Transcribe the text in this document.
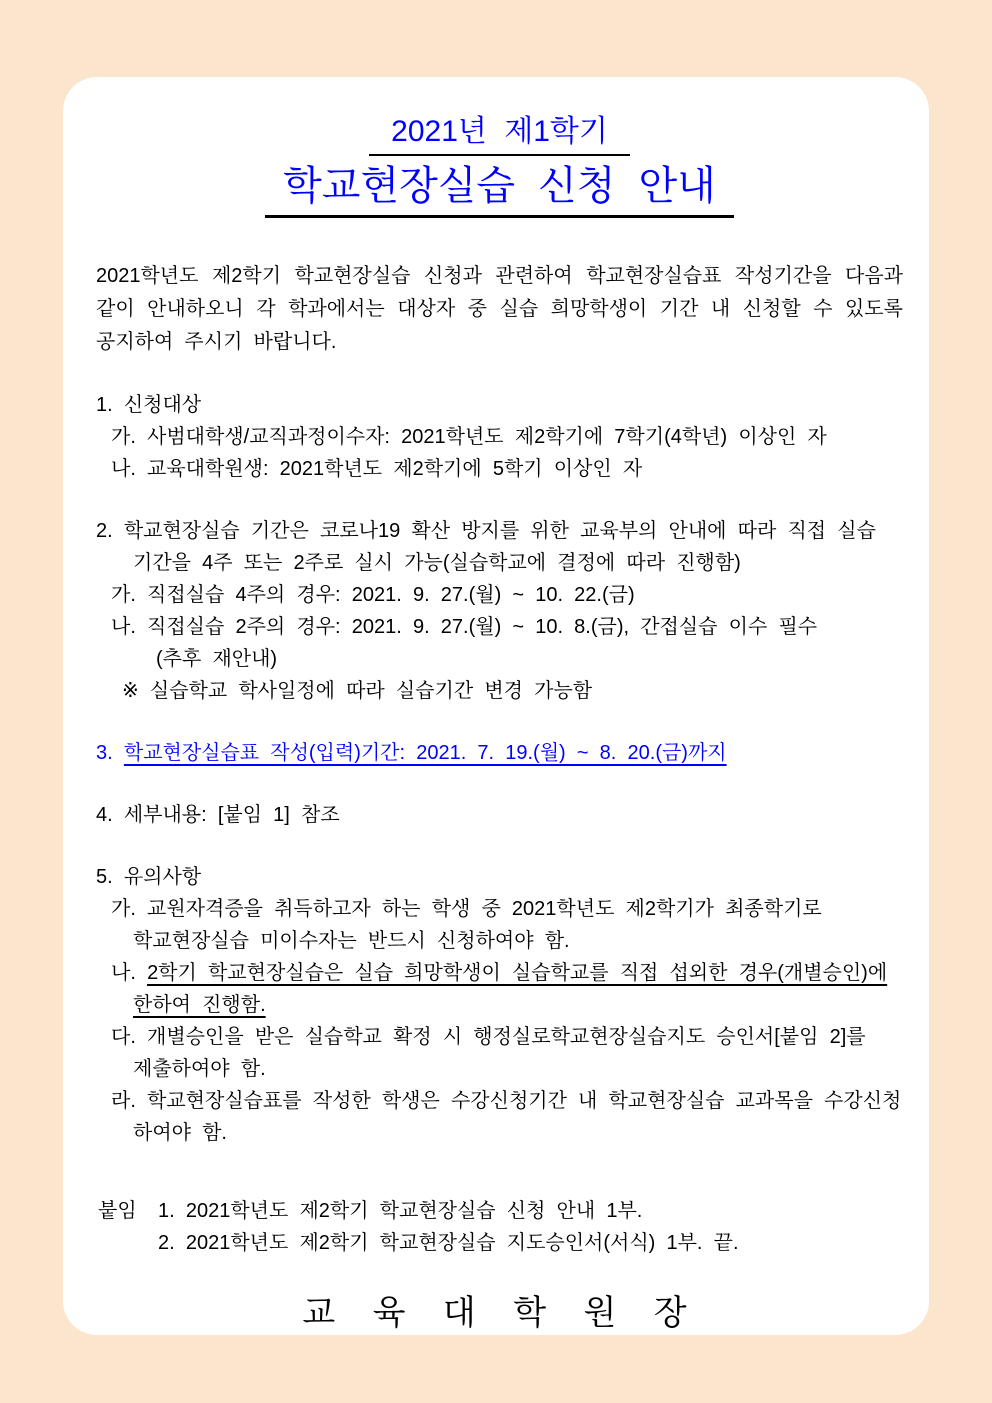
2021년 제1학기

학교현장실습 신청 안내

2021학년도 제2학기 학교현장실습 신청과 관련하여 학교현장실습표 작성기간을 다음과 같이 안내하오니 각 학과에서는 대상자 중 실습 희망학생이 기간 내 신청할 수 있도록 공지하여 주시기 바랍니다.

1. 신청대상
가. 사범대학생/교직과정이수자: 2021학년도 제2학기에 7학기(4학년) 이상인 자
나. 교육대학원생: 2021학년도 제2학기에 5학기 이상인 자
2. 학교현장실습 기간은 코로나19 확산 방지를 위한 교육부의 안내에 따라 직접 실습
기간을 4주 또는 2주로 실시 가능(실습학교에 결정에 따라 진행함)
가. 직접실습 4주의 경우: 2021. 9. 27.(월) ~ 10. 22.(금)
나. 직접실습 2주의 경우: 2021. 9. 27.(월) ~ 10. 8.(금), 간접실습 이수 필수
(추후 재안내)
※ 실습학교 학사일정에 따라 실습기간 변경 가능함
3. 학교현장실습표 작성(입력)기간: 2021. 7. 19.(월) ~ 8. 20.(금)까지
4. 세부내용: [붙임 1] 참조
5. 유의사항
가. 교원자격증을 취득하고자 하는 학생 중 2021학년도 제2학기가 최종학기로
학교현장실습 미이수자는 반드시 신청하여야 함.
나. 2학기 학교현장실습은 실습 희망학생이 실습학교를 직접 섭외한 경우(개별승인)에
한하여 진행함.
다. 개별승인을 받은 실습학교 확정 시 행정실로학교현장실습지도 승인서[붙임 2]를
제출하여야 함.
라. 학교현장실습표를 작성한 학생은 수강신청기간 내 학교현장실습 교과목을 수강신청
하여야 함.
붙임 1. 2021학년도 제2학기 학교현장실습 신청 안내 1부.
2. 2021학년도 제2학기 학교현장실습 지도승인서(서식) 1부. 끝.
교 육 대 학 원 장
